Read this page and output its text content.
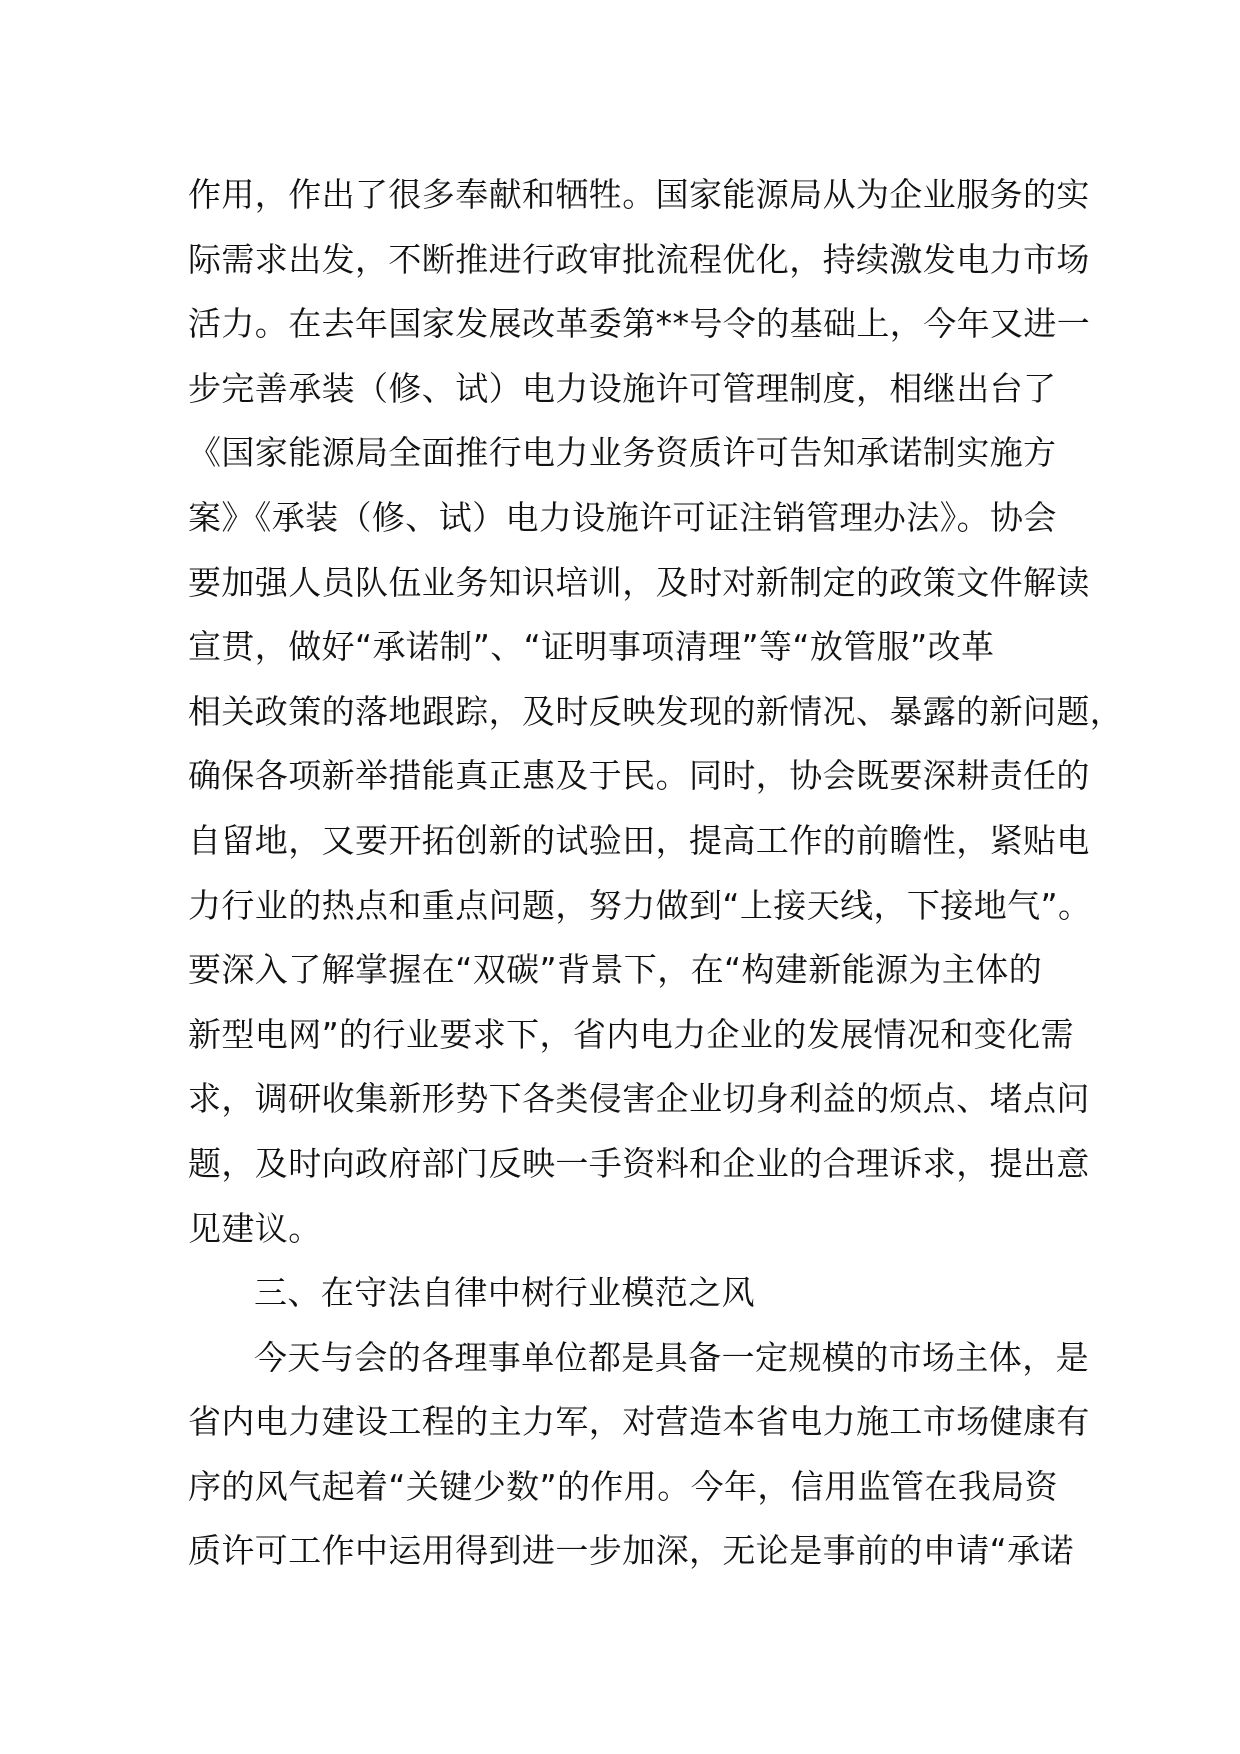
作用，作出了很多奉献和牺牲。国家能源局从为企业服务的实
际需求出发，不断推进行政审批流程优化，持续激发电力市场
活力。在去年国家发展改革委第**号令的基础上，今年又进一
步完善承装（修、试）电力设施许可管理制度，相继出台了
《国家能源局全面推行电力业务资质许可告知承诺制实施方
案》《承装（修、试）电力设施许可证注销管理办法》。协会
要加强人员队伍业务知识培训，及时对新制定的政策文件解读
宣贯，做好“承诺制”、“证明事项清理”等“放管服”改革
相关政策的落地跟踪，及时反映发现的新情况、暴露的新问题，
确保各项新举措能真正惠及于民。同时，协会既要深耕责任的
自留地，又要开拓创新的试验田，提高工作的前瞻性，紧贴电
力行业的热点和重点问题，努力做到“上接天线，下接地气”。
要深入了解掌握在“双碳”背景下，在“构建新能源为主体的
新型电网”的行业要求下，省内电力企业的发展情况和变化需
求，调研收集新形势下各类侵害企业切身利益的烦点、堵点问
题，及时向政府部门反映一手资料和企业的合理诉求，提出意
见建议。
三、在守法自律中树行业模范之风
今天与会的各理事单位都是具备一定规模的市场主体，是
省内电力建设工程的主力军，对营造本省电力施工市场健康有
序的风气起着“关键少数”的作用。今年，信用监管在我局资
质许可工作中运用得到进一步加深，无论是事前的申请“承诺
